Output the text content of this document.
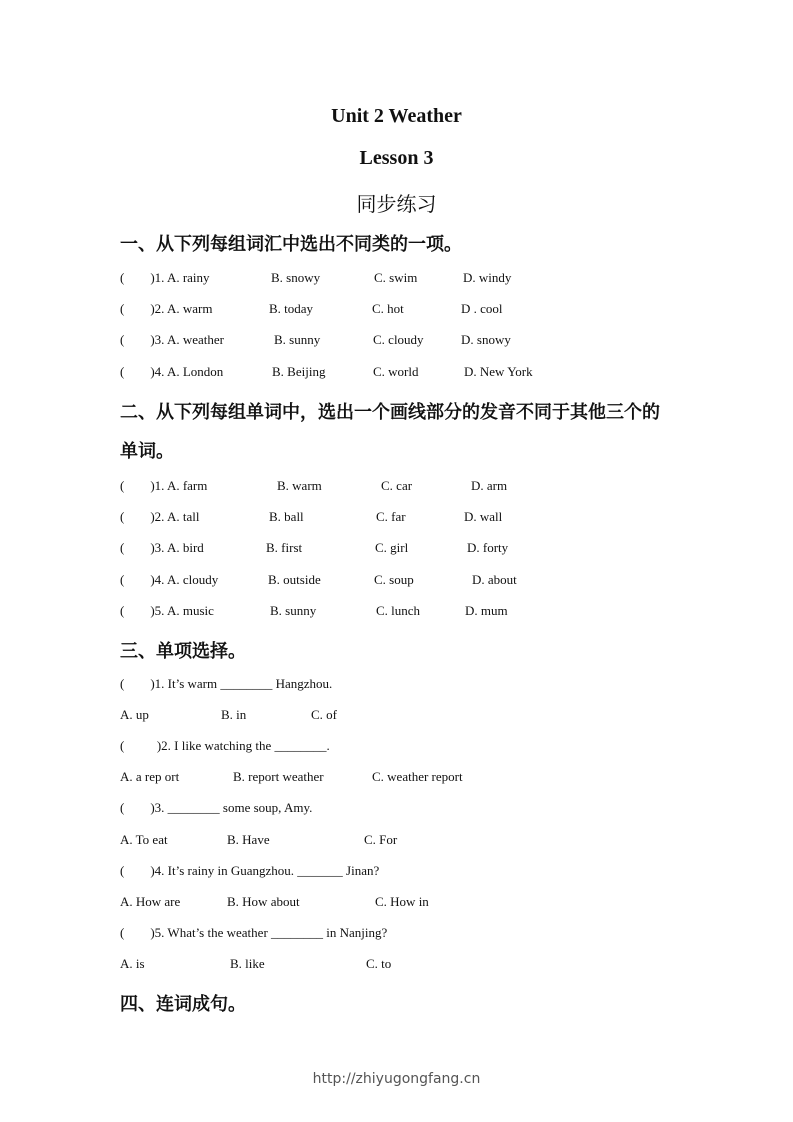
Unit 2 Weather
Lesson 3
同步练习
一、从下列每组词汇中选出不同类的一项。
(        )1. A. rainy	B. snowy	C. swim	D. windy
(        )2. A. warm	B. today	C. hot	D . cool
(        )3. A. weather	B. sunny	C. cloudy	D. snowy
(        )4. A. London	B. Beijing	C. world	D. New York
二、从下列每组单词中，选出一个画线部分的发音不同于其他三个的
单词。
(        )1. A. farm	B. warm	C. car	D. arm
(        )2. A. tall	B. ball	C. far	D. wall
(        )3. A. bird	B. first	C. girl	D. forty
(        )4. A. cloudy	B. outside	C. soup	D. about
(        )5. A. music	B. sunny	C. lunch	D. mum
三、单项选择。
(        )1. It’s warm ________ Hangzhou.
A. up	B. in	C. of
(          )2. I like watching the ________.
A. a rep ort	B. report weather	C. weather report
(        )3. ________ some soup, Amy.
A. To eat	B. Have	C. For
(        )4. It’s rainy in Guangzhou. _______ Jinan?
A. How are	B. How about	C. How in
(        )5. What’s the weather ________ in Nanjing?
A. is	B. like	C. to
四、连词成句。
http://zhiyugongfang.cn
